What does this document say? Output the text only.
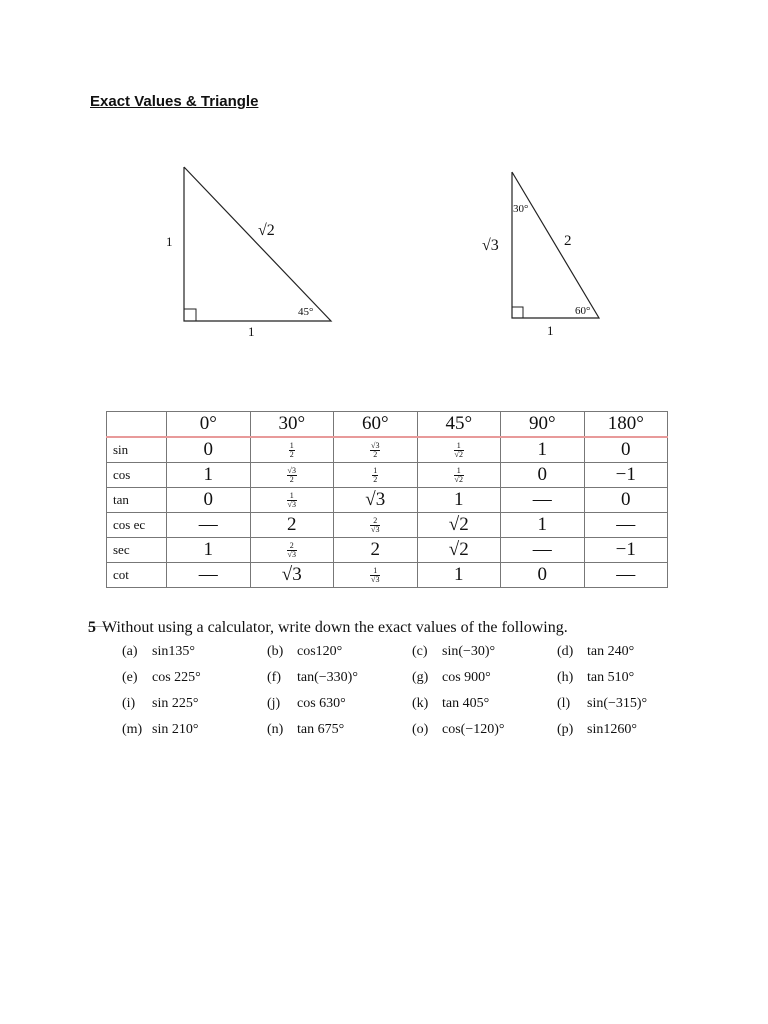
Exact Values & Triangle
1
1
√2
45°
√3
1
2
30°
60°
	0°	30°	60°	45°	90°	180°
sin	0	$\frac{1}{2}$	$\frac{√3}{2}$	$\frac{1}{√2}$	1	0
cos	1	$\frac{√3}{2}$	$\frac{1}{2}$	$\frac{1}{√2}$	0	−1
tan	0	$\frac{1}{√3}$	√3	1	—	0
cos ec	—	2	$\frac{2}{√3}$	√2	1	—
sec	1	$\frac{2}{√3}$	2	√2	—	−1
cot	—	√3	$\frac{1}{√3}$	1	0	—
5 Without using a calculator, write down the exact values of the following.
(a) sin135°	(b) cos120°	(c) sin(−30)°	(d) tan 240°
(e) cos 225°	(f) tan(−330)°	(g) cos 900°	(h) tan 510°
(i) sin 225°	(j) cos 630°	(k) tan 405°	(l) sin(−315)°
(m) sin 210°	(n) tan 675°	(o) cos(−120)°	(p) sin1260°
